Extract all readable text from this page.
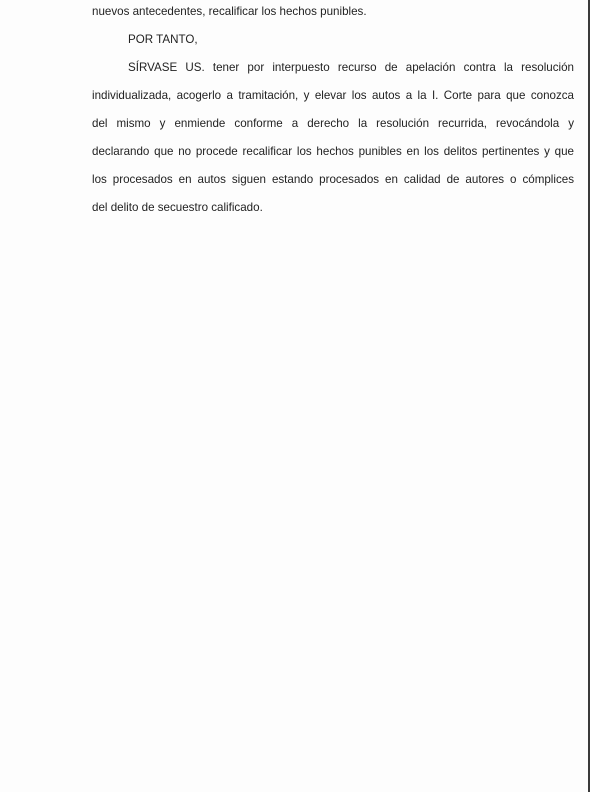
nuevos antecedentes, recalificar los hechos punibles.
POR TANTO,
SÍRVASE US. tener por interpuesto recurso de apelación contra la resolución
individualizada, acogerlo a tramitación, y elevar los autos a la I. Corte para que conozca
del mismo y enmiende conforme a derecho la resolución recurrida, revocándola y
declarando que no procede recalificar los hechos punibles en los delitos pertinentes y que
los procesados en autos siguen estando procesados en calidad de autores o cómplices
del delito de secuestro calificado.
